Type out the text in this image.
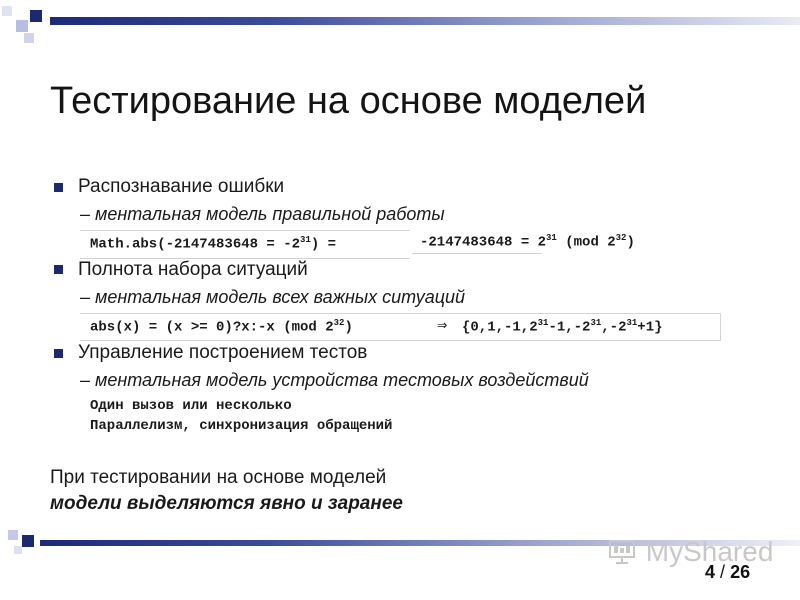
Тестирование на основе моделей
Распознавание ошибки
– ментальная модель правильной работы
Math.abs(-2147483648 = $-2^{31}$) =	$-2147483648 = 2^{31}$ (mod $2^{32}$)
Полнота набора ситуаций
– ментальная модель всех важных ситуаций
abs(x) = (x >= 0)?x:-x (mod $2^{32}$)	⇒ $\{0,1,-1,2^{31}-1,-2^{31},-2^{31}+1\}$
Управление построением тестов
– ментальная модель устройства тестовых воздействий
Один вызов или несколько
Параллелизм, синхронизация обращений
При тестировании на основе моделей
модели выделяются явно и заранее
MyShared
4 / 26
